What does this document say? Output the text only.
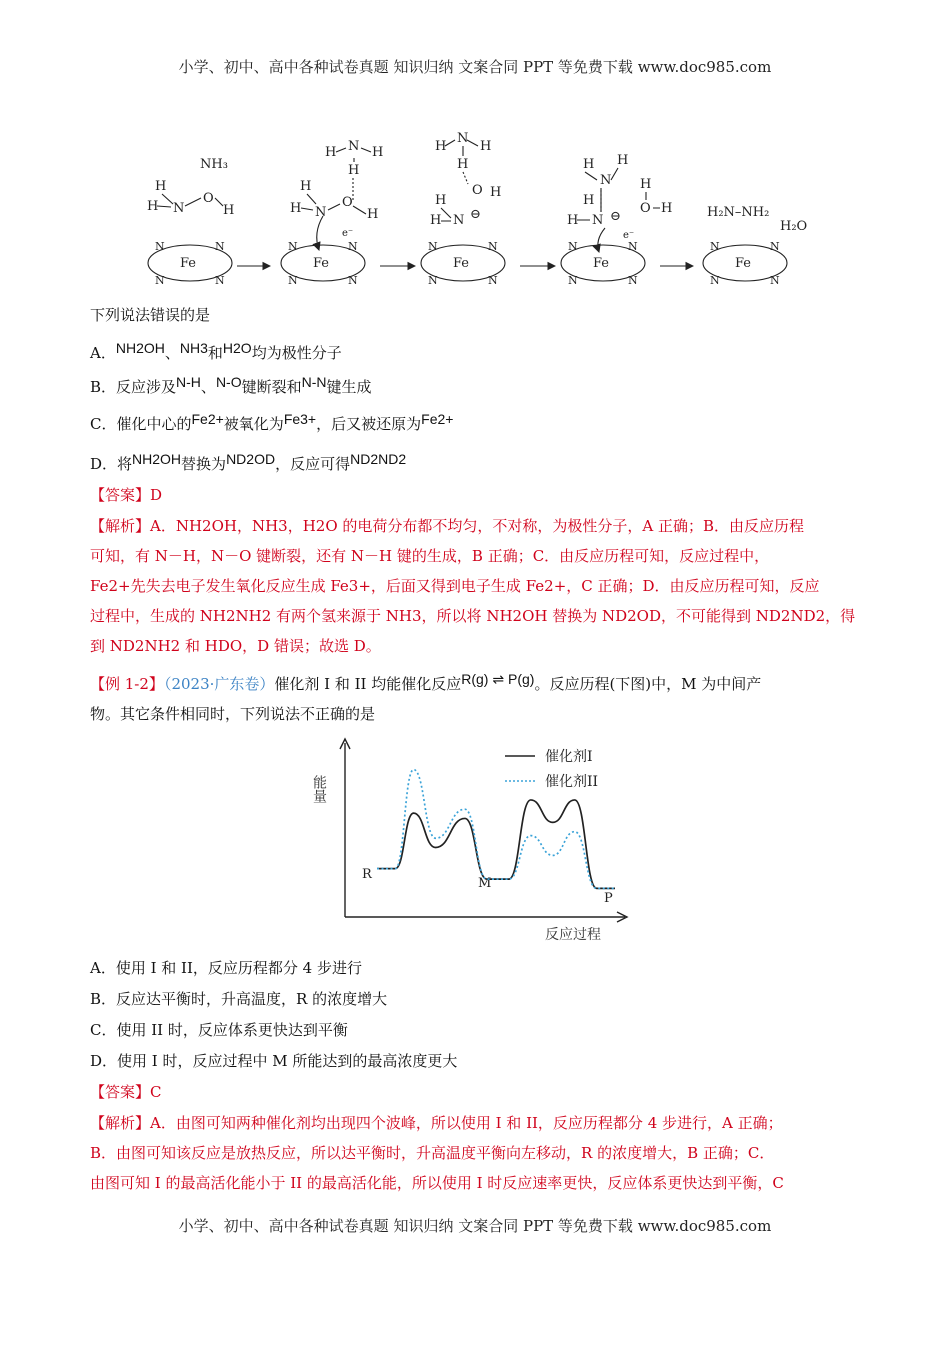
小学、初中、高中各种试卷真题 知识归纳 文案合同 PPT 等免费下载 www.doc985.com
NH₃
H
H N
O
H
H N H
H
H
H N
O
H
e⁻
H
N
H
H
O H
H
H N ⊖
H
N
H
H
O H
H
H N ⊖
e⁻
H₂N–NH₂
H₂O
Fe	Fe	Fe	Fe	Fe
N	N
N	N
N	N
N	N
N	N
N	N
N	N
N	N
N	N
N	N
下列说法错误的是
A．NH2OH、NH3和H2O均为极性分子
B．反应涉及N-H、N-O键断裂和N-N键生成
C．催化中心的Fe2+被氧化为Fe3+，后又被还原为Fe2+
D．将NH2OH替换为ND2OD，反应可得ND2ND2
【答案】D
【解析】A．NH2OH，NH3，H2O 的电荷分布都不均匀，不对称，为极性分子，A 正确；B．由反应历程
可知，有 N－H，N－O 键断裂，还有 N－H 键的生成，B 正确；C．由反应历程可知，反应过程中，
Fe2+先失去电子发生氧化反应生成 Fe3+，后面又得到电子生成 Fe2+，C 正确；D．由反应历程可知，反应
过程中，生成的 NH2NH2 有两个氢来源于 NH3，所以将 NH2OH 替换为 ND2OD，不可能得到 ND2ND2，得
到 ND2NH2 和 HDO，D 错误；故选 D。
【例 1-2】（2023·广东卷）催化剂 I 和 II 均能催化反应R(g) ⇌ P(g)。反应历程(下图)中，M 为中间产
物。其它条件相同时，下列说法不正确的是
能量
反应过程
催化剂I
催化剂II
R
M
P
A．使用 I 和 II，反应历程都分 4 步进行
B．反应达平衡时，升高温度，R 的浓度增大
C．使用 II 时，反应体系更快达到平衡
D．使用 I 时，反应过程中 M 所能达到的最高浓度更大
【答案】C
【解析】A．由图可知两种催化剂均出现四个波峰，所以使用 I 和 II，反应历程都分 4 步进行，A 正确；
B．由图可知该反应是放热反应，所以达平衡时，升高温度平衡向左移动，R 的浓度增大，B 正确；C．
由图可知 I 的最高活化能小于 II 的最高活化能，所以使用 I 时反应速率更快，反应体系更快达到平衡，C
小学、初中、高中各种试卷真题 知识归纳 文案合同 PPT 等免费下载 www.doc985.com
